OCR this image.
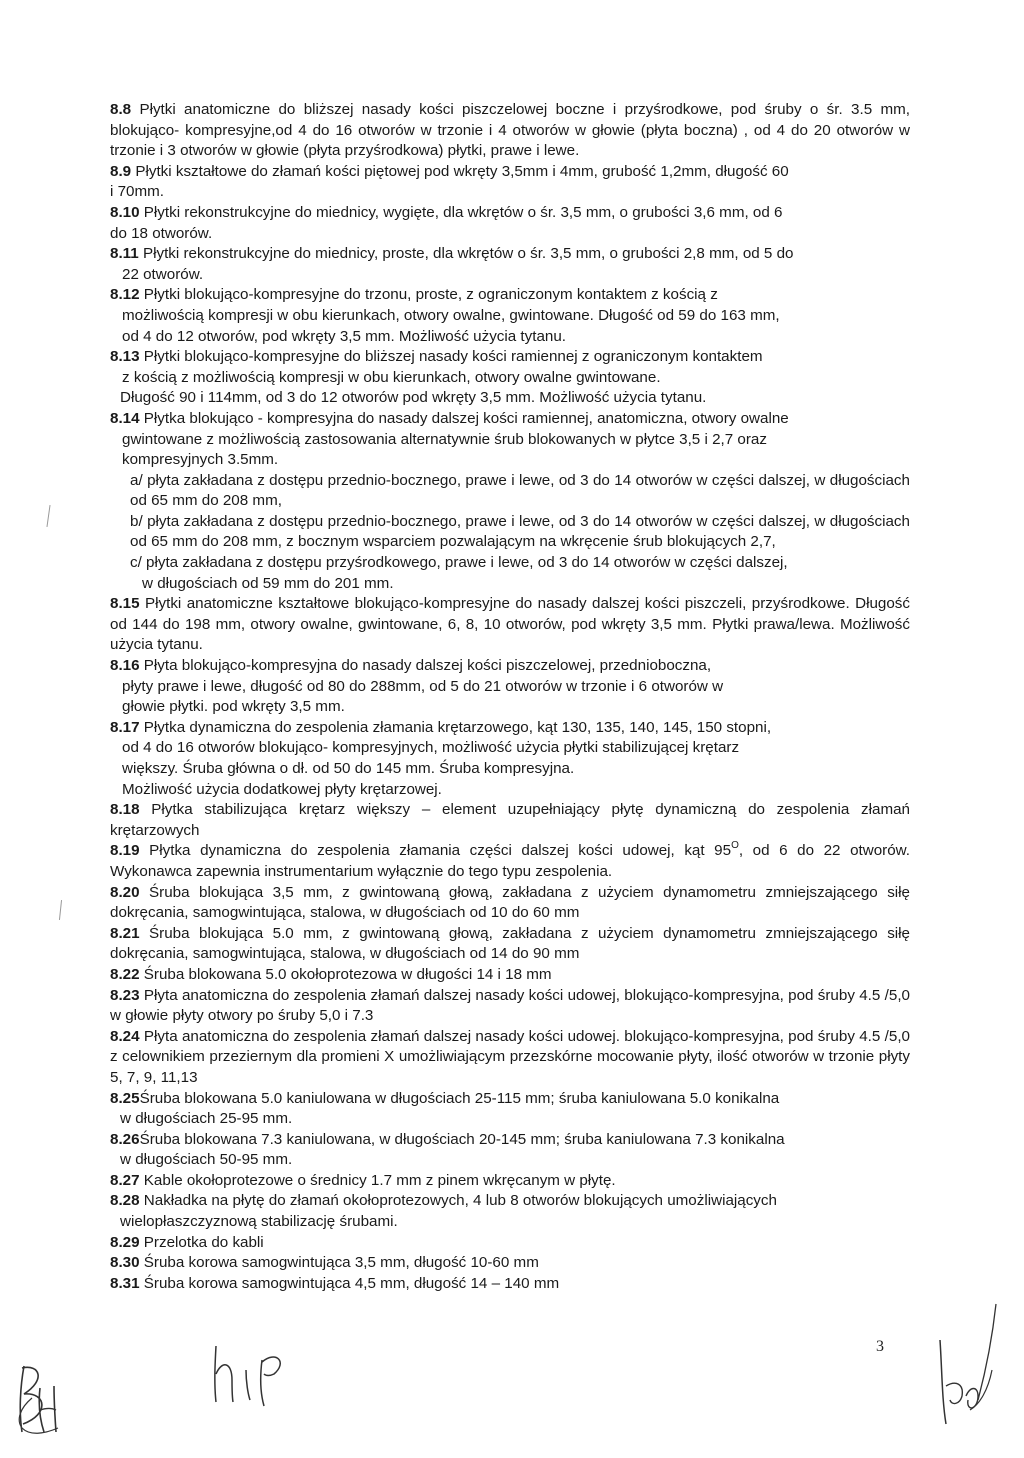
8.8 Płytki anatomiczne do bliższej nasady kości piszczelowej boczne i przyśrodkowe, pod śruby o śr. 3.5 mm, blokująco- kompresyjne,od 4 do 16 otworów w trzonie i 4 otworów w głowie (płyta boczna) , od 4 do 20 otworów w trzonie i 3 otworów w głowie (płyta przyśrodkowa) płytki, prawe i lewe.

8.9 Płytki kształtowe do złamań kości piętowej pod wkręty 3,5mm i 4mm, grubość 1,2mm, długość 60
i 70mm.

8.10 Płytki rekonstrukcyjne do miednicy, wygięte, dla wkrętów o śr. 3,5 mm, o grubości 3,6 mm, od 6
do 18 otworów.

8.11 Płytki rekonstrukcyjne do miednicy, proste, dla wkrętów o śr. 3,5 mm, o grubości 2,8 mm, od 5 do
22 otworów.

8.12 Płytki blokująco-kompresyjne do trzonu, proste, z ograniczonym kontaktem z kością z
możliwością kompresji w obu kierunkach, otwory owalne, gwintowane. Długość od 59 do 163 mm,
od 4 do 12 otworów, pod wkręty 3,5 mm. Możliwość użycia tytanu.

8.13 Płytki blokująco-kompresyjne do bliższej nasady kości ramiennej z ograniczonym kontaktem
z kością z możliwością kompresji w obu kierunkach, otwory owalne gwintowane.
Długość 90 i 114mm, od 3 do 12 otworów pod wkręty 3,5 mm. Możliwość użycia tytanu.

8.14 Płytka blokująco - kompresyjna do nasady dalszej kości ramiennej, anatomiczna, otwory owalne
gwintowane z możliwością zastosowania alternatywnie śrub blokowanych w płytce 3,5 i 2,7 oraz
kompresyjnych 3.5mm.

a/ płyta zakładana z dostępu przednio-bocznego, prawe i lewe, od 3 do 14 otworów w części dalszej, w długościach od 65 mm do 208 mm,

b/ płyta zakładana z dostępu przednio-bocznego, prawe i lewe, od 3 do 14 otworów w części dalszej, w długościach od 65 mm do 208 mm, z bocznym wsparciem pozwalającym na wkręcenie śrub blokujących 2,7,

c/ płyta zakładana z dostępu przyśrodkowego, prawe i lewe, od 3 do 14 otworów w części dalszej,
w długościach od 59 mm do 201 mm.

8.15 Płytki anatomiczne kształtowe blokująco-kompresyjne do nasady dalszej kości piszczeli, przyśrodkowe. Długość od 144 do 198 mm, otwory owalne, gwintowane, 6, 8, 10 otworów, pod wkręty 3,5 mm. Płytki prawa/lewa. Możliwość użycia tytanu.

8.16 Płyta blokująco-kompresyjna do nasady dalszej kości piszczelowej, przednioboczna,
płyty prawe i lewe, długość od 80 do 288mm, od 5 do 21 otworów w trzonie i 6 otworów w
głowie płytki. pod wkręty 3,5 mm.

8.17 Płytka dynamiczna do zespolenia złamania krętarzowego, kąt 130, 135, 140, 145, 150 stopni,
od 4 do 16 otworów blokująco- kompresyjnych, możliwość użycia płytki stabilizującej krętarz
większy. Śruba główna o dł. od 50 do 145 mm. Śruba kompresyjna.
Możliwość użycia dodatkowej płyty krętarzowej.

8.18 Płytka stabilizująca krętarz większy – element uzupełniający płytę dynamiczną do zespolenia złamań krętarzowych

8.19 Płytka dynamiczna do zespolenia złamania części dalszej kości udowej, kąt $95^O$, od 6 do 22 otworów. Wykonawca zapewnia instrumentarium wyłącznie do tego typu zespolenia.

8.20 Śruba blokująca 3,5 mm, z gwintowaną głową, zakładana z użyciem dynamometru zmniejszającego siłę dokręcania, samogwintująca, stalowa, w długościach od 10 do 60 mm

8.21 Śruba blokująca 5.0 mm, z gwintowaną głową, zakładana z użyciem dynamometru zmniejszającego siłę dokręcania, samogwintująca, stalowa, w długościach od 14 do 90 mm

8.22 Śruba blokowana 5.0 okołoprotezowa w długości 14 i 18 mm

8.23 Płyta anatomiczna do zespolenia złamań dalszej nasady kości udowej, blokująco-kompresyjna, pod śruby 4.5 /5,0 w głowie płyty otwory po śruby 5,0 i 7.3

8.24 Płyta anatomiczna do zespolenia złamań dalszej nasady kości udowej. blokująco-kompresyjna, pod śruby 4.5 /5,0 z celownikiem przeziernym dla promieni X umożliwiającym przezskórne mocowanie płyty, ilość otworów w trzonie płyty 5, 7, 9, 11,13

8.25Śruba blokowana 5.0 kaniulowana w długościach 25-115 mm; śruba kaniulowana 5.0 konikalna
w długościach 25-95 mm.

8.26Śruba blokowana 7.3 kaniulowana, w długościach 20-145 mm; śruba kaniulowana 7.3 konikalna
w długościach 50-95 mm.

8.27 Kable okołoprotezowe o średnicy 1.7 mm z pinem wkręcanym w płytę.

8.28 Nakładka na płytę do złamań okołoprotezowych, 4 lub 8 otworów blokujących umożliwiających
wielopłaszczyznową stabilizację śrubami.

8.29 Przelotka do kabli

8.30 Śruba korowa samogwintująca 3,5 mm, długość 10-60 mm

8.31 Śruba korowa samogwintująca 4,5 mm, długość 14 – 140 mm

3
